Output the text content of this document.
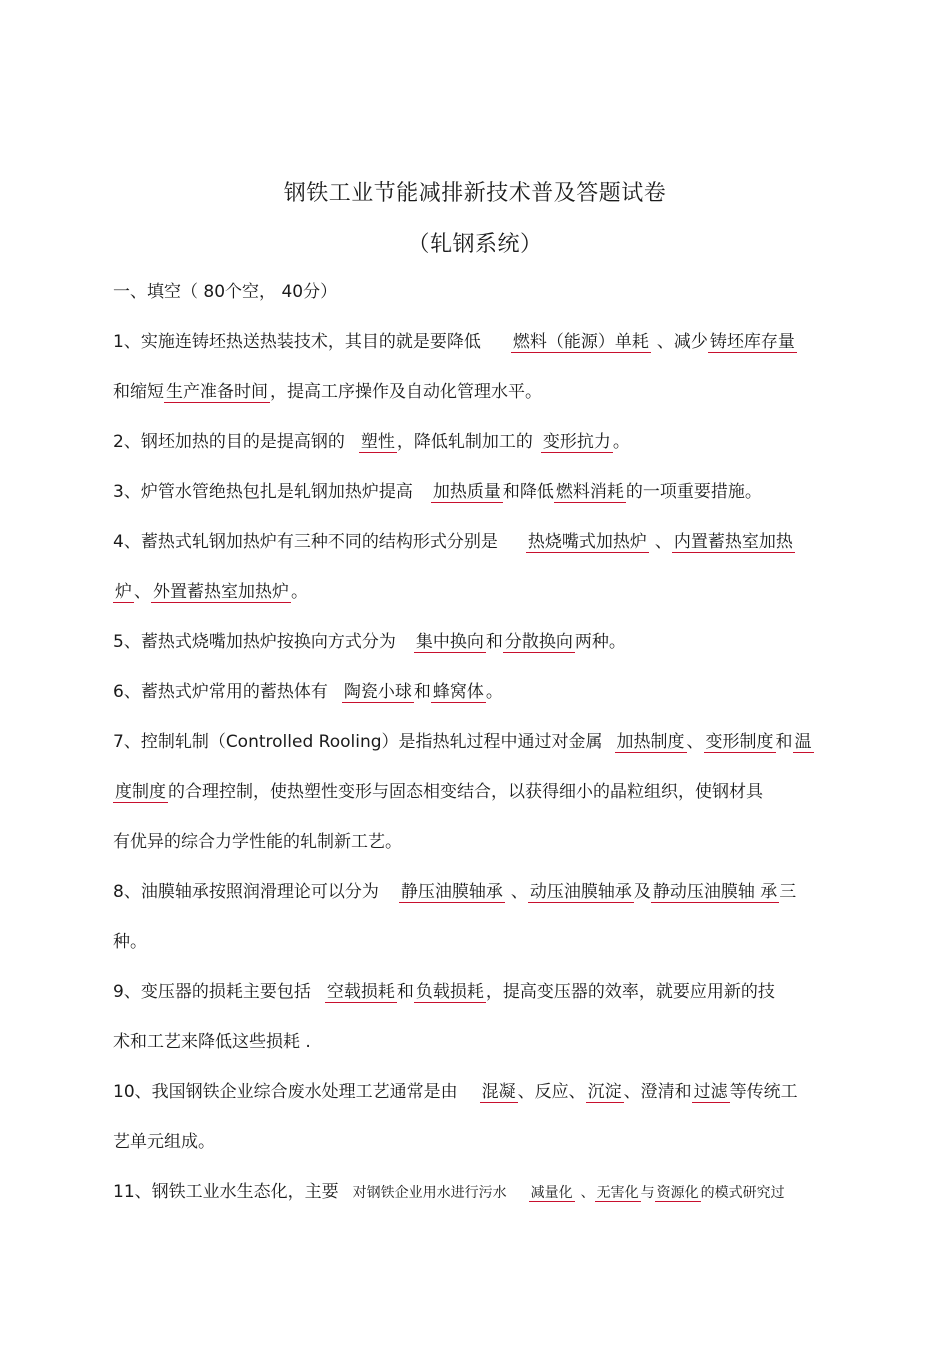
钢铁工业节能减排新技术普及答题试卷
（轧钢系统）
一、填空（ 80个空， 40分）
1、实施连铸坯热送热装技术，其目的就是要降低 燃料（能源）单耗 、减少 铸坯库存量
和缩短 生产准备时间 ，提高工序操作及自动化管理水平。
2、钢坯加热的目的是提高钢的 塑性 ，降低轧制加工的 变形抗力 。
3、炉管水管绝热包扎是轧钢加热炉提高 加热质量 和降低 燃料消耗 的一项重要措施。
4、蓄热式轧钢加热炉有三种不同的结构形式分别是 热烧嘴式加热炉 、 内置蓄热室加热
炉 、 外置蓄热室加热炉 。
5、蓄热式烧嘴加热炉按换向方式分为 集中换向 和 分散换向 两种。
6、蓄热式炉常用的蓄热体有 陶瓷小球 和 蜂窝体 。
7、控制轧制（Controlled Rooling）是指热轧过程中通过对金属 加热制度 、 变形制度 和 温
度制度 的合理控制，使热塑性变形与固态相变结合，以获得细小的晶粒组织，使钢材具
有优异的综合力学性能的轧制新工艺。
8、油膜轴承按照润滑理论可以分为 静压油膜轴承 、 动压油膜轴承 及 静动压油膜轴 承 三
种。
9、变压器的损耗主要包括 空载损耗 和 负载损耗 ，提高变压器的效率，就要应用新的技
术和工艺来降低这些损耗 .
10、我国钢铁企业综合废水处理工艺通常是由 混凝 、反应、 沉淀 、澄清和 过滤 等传统工
艺单元组成。
11、钢铁工业水生态化，主要 对钢铁企业用水进行污水 减量化 、 无害化 与 资源化 的模式研究过
